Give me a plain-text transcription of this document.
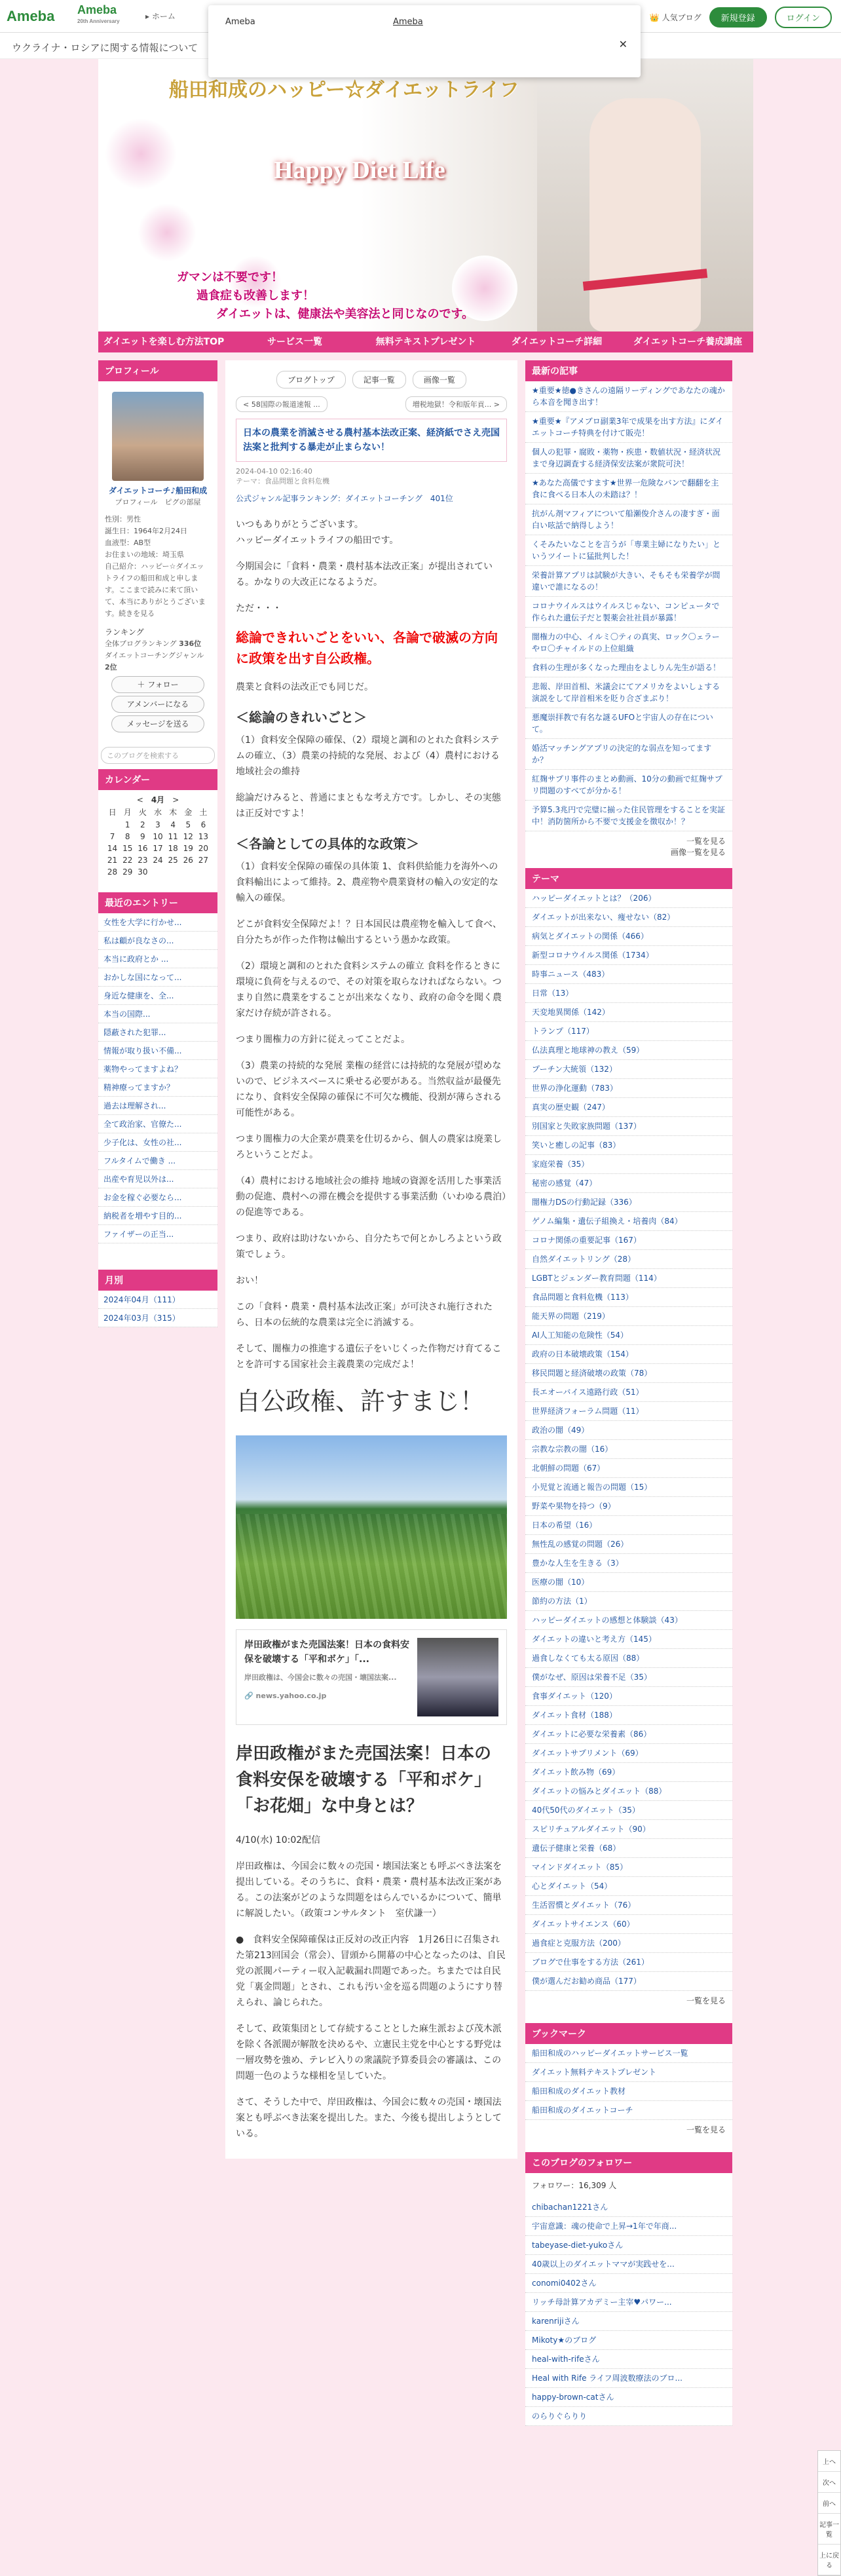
Ameba Ameba
20th Anniversary
▸ ホーム	👑 人気ブログ	新規登録	ログイン
Ameba	Ameba
✕
ウクライナ・ロシアに関する情報について
船田和成のハッピー☆ダイエットライフ
Happy Diet Life
ガマンは不要です！
過食症も改善します！
ダイエットは、健康法や美容法と同じなのです。
ダイエットを楽しむ方法TOP	サービス一覧	無料テキストプレゼント	ダイエットコーチ詳細	ダイエットコーチ養成講座
プロフィール
ダイエットコーチ♪船田和成
プロフィール　ピグの部屋
性別：男性
誕生日：1964年2月24日
血液型：AB型
お住まいの地域：埼玉県
自己紹介：ハッピー☆ダイエットライフの船田和成と申します。ここまで読みに来て頂いて、本当にありがとうございます。続きを見る
ランキング
全体ブログランキング 336位
ダイエットコーチングジャンル 2位
＋ フォロー
アメンバーになる
メッセージを送る
このブログを検索する
カレンダー
<　 4月　 >
日	月	火	水	木	金	土
	1	2	3	4	5	6
7	8	9	10	11	12	13
14	15	16	17	18	19	20
21	22	23	24	25	26	27
28	29	30				
最近のエントリー
女性を大学に行かせ...
私は顧が良なさの...
本当に政府とか ...
おかしな国になって...
身近な健康を、全...
本当の国際...
隠蔽された犯罪...
情報が取り扱い不備...
薬物やってますよね？
精神療ってますか？
過去は理解され...
全て政治家、官僚た...
少子化は、女性の社...
フルタイムで働き ...
出産や育児以外は...
お金を稼ぐ必要なら...
納税者を増やす目的...
ファイザーの正当...
月別
2024年04月（111）
2024年03月（315）
ブログトップ	記事一覧	画像一覧
< 58国際の報道速報 ...	増税地獄！令和版年貢... >
日本の農業を消滅させる農村基本法改正案、経済紙でさえ売国法案と批判する暴走が止まらない！
2024-04-10 02:16:40
テーマ：食品問題と食料危機
公式ジャンル記事ランキング：ダイエットコーチング　401位

いつもありがとうございます。

ハッピーダイエットライフの船田です。

今期国会に「食料・農業・農村基本法改正案」が提出されている。かなりの大改正になるようだ。

ただ・・・

総論できれいごとをいい、各論で破滅の方向に政策を出す自公政権。

農業と食料の法改正でも同じだ。

＜総論のきれいごと＞

（1）食料安全保障の確保、（2）環境と調和のとれた食料システムの確立、（3）農業の持続的な発展、および（4）農村における地域社会の維持

総論だけみると、普通にまともな考え方です。しかし、その実態は正反対ですよ！

＜各論としての具体的な政策＞

（1）食料安全保障の確保の具体策 1、食料供給能力を海外への食料輸出によって維持。2、農産物や農業資材の輸入の安定的な輸入の確保。

どこが食料安全保障だよ！？日本国民は農産物を輸入して食べ、自分たちが作った作物は輸出するという愚かな政策。

（2）環境と調和のとれた食料システムの確立 食料を作るときに環境に負荷を与えるので、その対策を取らなければならない。つまり自然に農業をすることが出来なくなり、政府の命令を聞く農家だけ存続が許される。

つまり闇権力の方針に従えってことだよ。

（3）農業の持続的な発展 業権の経営には持続的な発展が望めないので、ビジネスベースに乗せる必要がある。当然収益が最優先になり、食料安全保障の確保に不可欠な機能、役割が薄らされる可能性がある。

つまり闇権力の大企業が農業を仕切るから、個人の農家は廃業しろということだよ。

（4）農村における地域社会の維持 地域の資源を活用した事業活動の促進、農村への滞在機会を提供する事業活動（いわゆる農泊）の促進等である。

つまり、政府は助けないから、自分たちで何とかしろよという政策でしょう。

おい！

この「食料・農業・農村基本法改正案」が可決され施行されたら、日本の伝統的な農業は完全に消滅する。

そして、闇権力の推進する遺伝子をいじくった作物だけ育てることを許可する国家社会主義農業の完成だよ！

自公政権、許すまじ！
岸田政権がまた売国法案！日本の食料安保を破壊する「平和ボケ」「...
岸田政権は、今国会に数々の売国・壊国法案...
🔗 news.yahoo.co.jp
岸田政権がまた売国法案！日本の食料安保を破壊する「平和ボケ」「お花畑」な中身とは？

4/10(水) 10:02配信

岸田政権は、今国会に数々の売国・壊国法案とも呼ぶべき法案を提出している。そのうちに、食料・農業・農村基本法改正案がある。この法案がどのような問題をはらんでいるかについて、簡単に解説したい。（政策コンサルタント　室伏謙一）

●　食料安全保障確保は正反対の改正内容　1月26日に召集された第213回国会（常会）、冒頭から開幕の中心となったのは、自民党の派閥パーティー収入記載漏れ問題であった。ちまたでは自民党「裏金問題」とされ、これも汚い金を巡る問題のようにすり替えられ、論じられた。

そして、政策集団として存続することとした麻生派および茂木派を除く各派閥が解散を決めるや、立憲民主党を中心とする野党は一層攻勢を強め、テレビ入りの衆議院予算委員会の審議は、この問題一色のような様相を呈していた。

さて、そうした中で、岸田政権は、今国会に数々の売国・壊国法案とも呼ぶべき法案を提出した。また、今後も提出しようとしている。

最新の記事
★重要★徳●きさんの遠隔リーディングであなたの魂から本音を聞き出す！
★重要★『アメブロ副業3年で成果を出す方法』にダイエットコーチ特典を付けて販売！
個人の犯罪・腐敗・薬物・疾患・数値状況・経済状況まで身辺調査する経済保安法案が衆院可決！
★あなた高儀ですます★世界一危険なバンで翻翻を主食に食べる日本人の未踏は？！
抗がん剤マフィアについて船瀬俊介さんの凄すぎ・面白い呟話で納得しよう！
くそみたいなことを言うが「専業主婦になりたい」というツイートに猛批判した！
栄養計算アプリは試験が大きい、そもそも栄養学が間違いで誰になるの！
コロナウイルスはウイルスじゃない、コンピュータで作られた遺伝子だと製薬会社社員が暴露！
闇権力の中心、イルミ〇ティの真実、ロック〇ェラーやロ〇チャイルドの上位組織
食料の生理が多くなった理由をよしりん先生が語る！
悲報、岸田首相、米議会にてアメリカをよいしょする演説をして岸首相米を貶り合ざまぶり！
悪魔崇拝教で有名な謎るUFOと宇宙人の存在について。
婚活マッチングアプリの決定的な弱点を知ってますか？
紅麹サプリ事件のまとめ動画、10分の動画で紅麹サプリ問題のすべてが分かる！
予算5.3兆円で完璧に揃った住民管理をすることを実証中！消防箇所から不要で支援金を徴収か！？
一覧を見る
画像一覧を見る
テーマ
ハッピーダイエットとは？（206）
ダイエットが出来ない、痩せない（82）
病気とダイエットの関係（466）
新型コロナウイルス関係（1734）
時事ニュース（483）
日常（13）
天変地異関係（142）
トランプ（117）
仏法真理と地球神の教え（59）
プーチン大統領（132）
世界の浄化運動（783）
真実の歴史観（247）
別国家と失敗家族問題（137）
笑いと癒しの記事（83）
家庭栄養（35）
秘密の感覚（47）
闇権力DSの行動記録（336）
ゲノム編集・遺伝子組換え・培養肉（84）
コロナ関係の重要記事（167）
自然ダイエットリング（28）
LGBTとジェンダー教育問題（114）
食品問題と食料危機（113）
能天界の問題（219）
AI人工知能の危険性（54）
政府の日本破壊政策（154）
移民問題と経済破壊の政策（78）
長エオーバイス遠路行政（51）
世界経済フォーラム問題（11）
政治の闇（49）
宗教な宗教の闇（16）
北朝鮮の問題（67）
小児覚と流通と報告の問題（15）
野菜や果物を持つ（9）
日本の希望（16）
無性乱の感覚の問題（26）
豊かな人生を生きる（3）
医療の闇（10）
節約の方法（1）
ハッピーダイエットの感想と体験談（43）
ダイエットの違いと考え方（145）
過食しなくても太る原因（88）
僕がなぜ、原因は栄養不足（35）
食事ダイエット（120）
ダイエット食材（188）
ダイエットに必要な栄養素（86）
ダイエットサプリメント（69）
ダイエット飲み物（69）
ダイエットの悩みとダイエット（88）
40代50代のダイエット（35）
スピリチュアルダイエット（90）
遺伝子健康と栄養（68）
マインドダイエット（85）
心とダイエット（54）
生活習慣とダイエット（76）
ダイエットサイエンス（60）
過食症と克服方法（200）
ブログで仕事をする方法（261）
僕が選んだお勧め商品（177）
一覧を見る
ブックマーク
船田和成のハッピーダイエットサービス一覧
ダイエット無料テキストプレゼント
船田和成のダイエット教材
船田和成のダイエットコーチ
一覧を見る
このブログのフォロワー
フォロワー：16,309 人
chibachan1221さん
宇宙意識：魂の使命で上昇→1年で年商...
tabeyase-diet-yukoさん
40歳以上のダイエットママが実践せを...
conomi0402さん
リッチ母計算アカデミー主宰♥パワー...
karenrijiさん
Mikoty★のブログ
heal-with-rifeさん
Heal with Rife ライフ周波数療法のブロ...
happy-brown-catさん
のらりぐらりり
上へ
次へ
前へ
記事一覧
上に戻る
